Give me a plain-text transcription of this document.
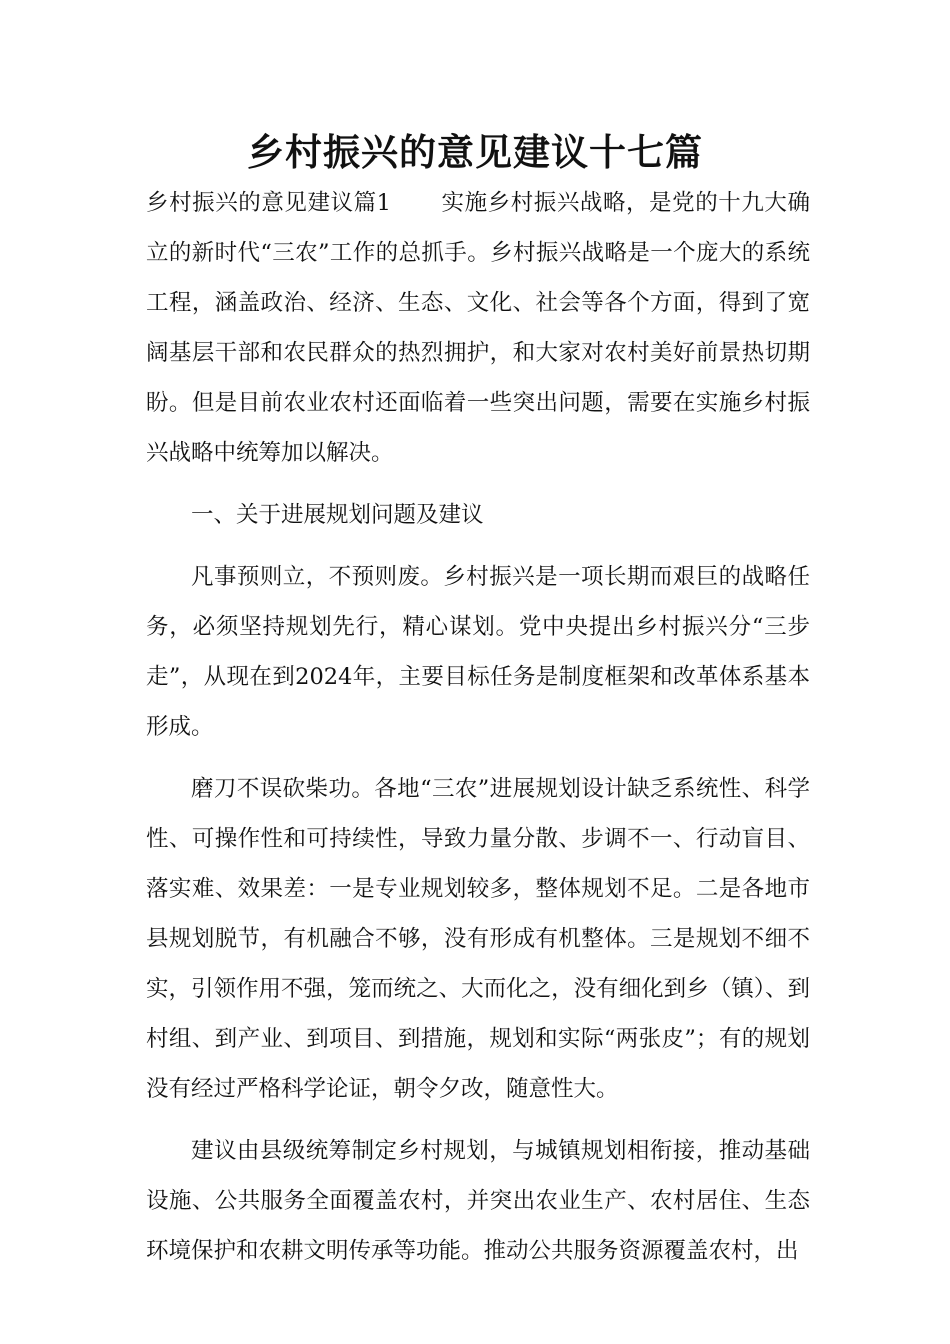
乡村振兴的意见建议十七篇

乡村振兴的意见建议篇1 实施乡村振兴战略，是党的十九大确立的新时代“三农”工作的总抓手。乡村振兴战略是一个庞大的系统工程，涵盖政治、经济、生态、文化、社会等各个方面，得到了宽阔基层干部和农民群众的热烈拥护，和大家对农村美好前景热切期盼。但是目前农业农村还面临着一些突出问题，需要在实施乡村振兴战略中统筹加以解决。

一、关于进展规划问题及建议

凡事预则立，不预则废。乡村振兴是一项长期而艰巨的战略任务，必须坚持规划先行，精心谋划。党中央提出乡村振兴分“三步走”，从现在到2024年，主要目标任务是制度框架和改革体系基本形成。

磨刀不误砍柴功。各地“三农”进展规划设计缺乏系统性、科学性、可操作性和可持续性，导致力量分散、步调不一、行动盲目、落实难、效果差：一是专业规划较多，整体规划不足。二是各地市县规划脱节，有机融合不够，没有形成有机整体。三是规划不细不实，引领作用不强，笼而统之、大而化之，没有细化到乡（镇）、到村组、到产业、到项目、到措施，规划和实际“两张皮”；有的规划没有经过严格科学论证，朝令夕改，随意性大。

建议由县级统筹制定乡村规划，与城镇规划相衔接，推动基础设施、公共服务全面覆盖农村，并突出农业生产、农村居住、生态环境保护和农耕文明传承等功能。推动公共服务资源覆盖农村，出
